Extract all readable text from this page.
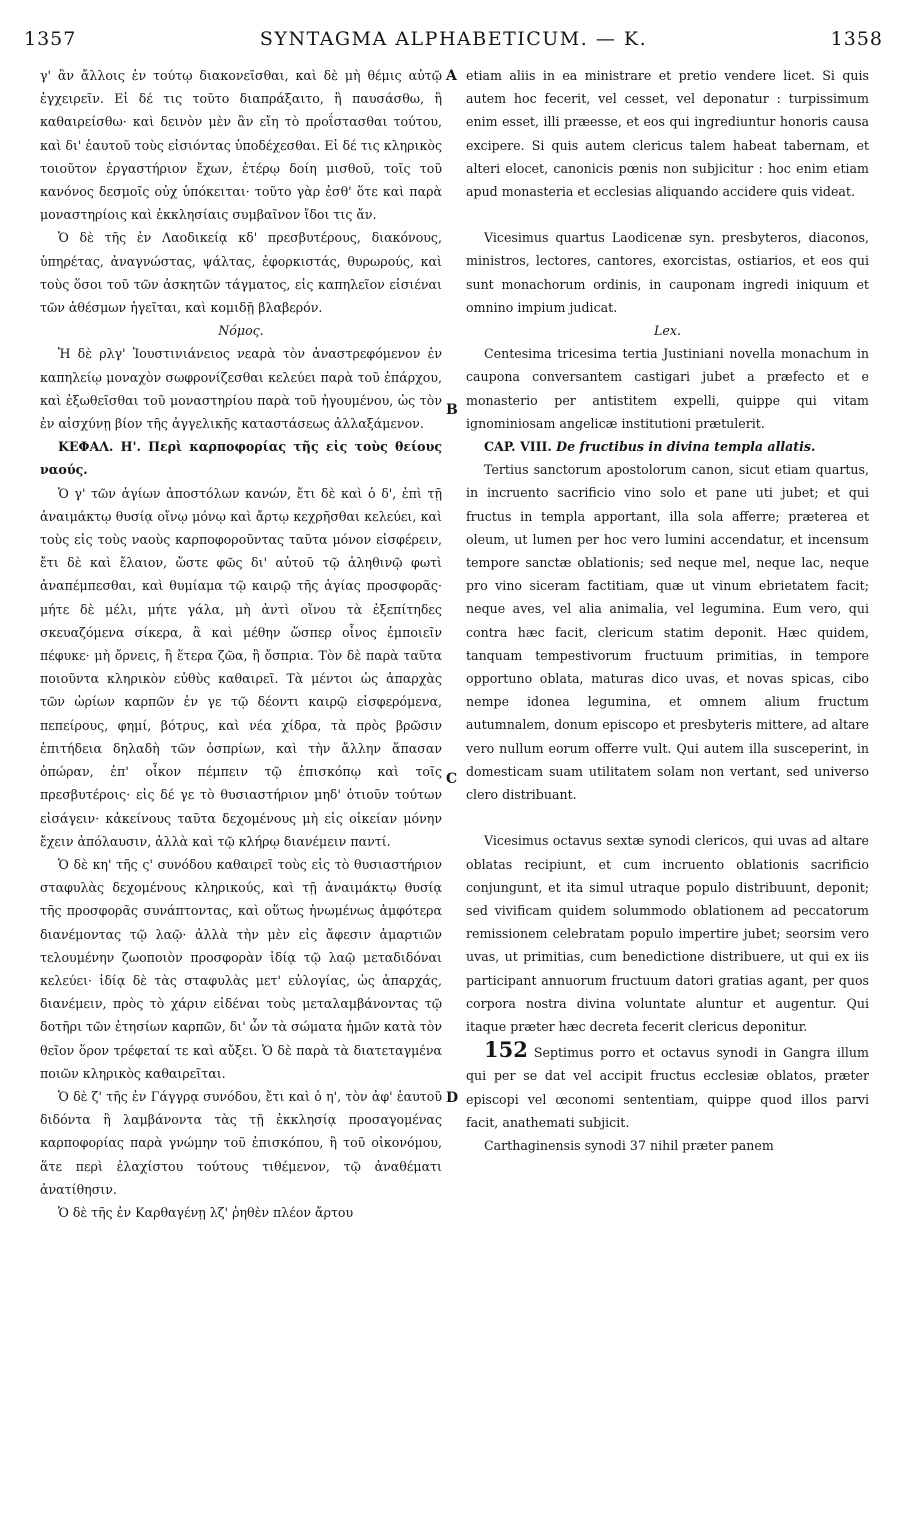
1357	SYNTAGMA ALPHABETICUM. — K.	1358
A
B
C
D

γ' ἂν ἄλλοις ἐν τούτῳ διακονεῖσθαι, καὶ δὲ μὴ θέμις αὐτῷ ἐγχειρεῖν. Εἰ δέ τις τοῦτο διαπράξαιτο, ἢ παυσάσθω, ἢ καθαιρείσθω· καὶ δεινὸν μὲν ἂν εἴη τὸ προΐστασθαι τούτου, καὶ δι' ἑαυτοῦ τοὺς εἰσιόντας ὑποδέχεσθαι. Εἰ δέ τις κληρικὸς τοιοῦτον ἐργαστήριον ἔχων, ἑτέρῳ δοίη μισθοῦ, τοῖς τοῦ κανόνος δεσμοῖς οὐχ ὑπόκειται· τοῦτο γὰρ ἐσθ' ὅτε καὶ παρὰ μοναστηρίοις καὶ ἐκκλησίαις συμβαῖνον ἴδοι τις ἄν.

Ὁ δὲ τῆς ἐν Λαοδικείᾳ κδ' πρεσβυτέρους, διακόνους, ὑπηρέτας, ἀναγνώστας, ψάλτας, ἐφορκιστάς, θυρωρούς, καὶ τοὺς ὅσοι τοῦ τῶν ἀσκητῶν τάγματος, εἰς καπηλεῖον εἰσιέναι τῶν ἀθέσμων ἡγεῖται, καὶ κομιδῇ βλαβερόν.

Νόμος.

Ἡ δὲ ρλγ' Ἰουστινιάνειος νεαρὰ τὸν ἀναστρεφόμενον ἐν καπηλείῳ μοναχὸν σωφρονίζεσθαι κελεύει παρὰ τοῦ ἐπάρχου, καὶ ἐξωθεῖσθαι τοῦ μοναστηρίου παρὰ τοῦ ἡγουμένου, ὡς τὸν ἐν αἰσχύνῃ βίον τῆς ἀγγελικῆς καταστάσεως ἀλλαξάμενον.

ΚΕΦΑΛ. Η'. Περὶ καρποφορίας τῆς εἰς τοὺς θείους ναούς.

Ὁ γ' τῶν ἁγίων ἀποστόλων κανών, ἔτι δὲ καὶ ὁ δ', ἐπὶ τῇ ἀναιμάκτῳ θυσίᾳ οἴνῳ μόνῳ καὶ ἄρτῳ κεχρῆσθαι κελεύει, καὶ τοὺς εἰς τοὺς ναοὺς καρποφοροῦντας ταῦτα μόνον εἰσφέρειν, ἔτι δὲ καὶ ἔλαιον, ὥστε φῶς δι' αὐτοῦ τῷ ἀληθινῷ φωτὶ ἀναπέμπεσθαι, καὶ θυμίαμα τῷ καιρῷ τῆς ἁγίας προσφορᾶς· μήτε δὲ μέλι, μήτε γάλα, μὴ ἀντὶ οἴνου τὰ ἐξεπίτηδες σκευαζόμενα σίκερα, ἃ καὶ μέθην ὥσπερ οἶνος ἐμποιεῖν πέφυκε· μὴ ὄρνεις, ἢ ἕτερα ζῶα, ἢ ὄσπρια. Τὸν δὲ παρὰ ταῦτα ποιοῦντα κληρικὸν εὐθὺς καθαιρεῖ. Τὰ μέντοι ὡς ἀπαρχὰς τῶν ὡρίων καρπῶν ἐν γε τῷ δέοντι καιρῷ εἰσφερόμενα, πεπείρους, φημί, βότρυς, καὶ νέα χίδρα, τὰ πρὸς βρῶσιν ἐπιτήδεια δηλαδὴ τῶν ὀσπρίων, καὶ τὴν ἄλλην ἅπασαν ὀπώραν, ἐπ' οἶκον πέμπειν τῷ ἐπισκόπῳ καὶ τοῖς πρεσβυτέροις· εἰς δέ γε τὸ θυσιαστήριον μηδ' ὁτιοῦν τούτων εἰσάγειν· κἀκείνους ταῦτα δεχομένους μὴ εἰς οἰκείαν μόνην ἔχειν ἀπόλαυσιν, ἀλλὰ καὶ τῷ κλήρῳ διανέμειν παντί.

Ὁ δὲ κη' τῆς ς' συνόδου καθαιρεῖ τοὺς εἰς τὸ θυσιαστήριον σταφυλὰς δεχομένους κληρικούς, καὶ τῇ ἀναιμάκτῳ θυσίᾳ τῆς προσφορᾶς συνάπτοντας, καὶ οὕτως ἡνωμένως ἀμφότερα διανέμοντας τῷ λαῷ· ἀλλὰ τὴν μὲν εἰς ἄφεσιν ἁμαρτιῶν τελουμένην ζωοποιὸν προσφορὰν ἰδίᾳ τῷ λαῷ μεταδιδόναι κελεύει· ἰδίᾳ δὲ τὰς σταφυλὰς μετ' εὐλογίας, ὡς ἀπαρχάς, διανέμειν, πρὸς τὸ χάριν εἰδέναι τοὺς μεταλαμβάνοντας τῷ δοτῆρι τῶν ἐτησίων καρπῶν, δι' ὧν τὰ σώματα ἡμῶν κατὰ τὸν θεῖον ὅρον τρέφεταί τε καὶ αὔξει. Ὁ δὲ παρὰ τὰ διατεταγμένα ποιῶν κληρικὸς καθαιρεῖται.

Ὁ δὲ ζ' τῆς ἐν Γάγγρᾳ συνόδου, ἔτι καὶ ὁ η', τὸν ἀφ' ἑαυτοῦ διδόντα ἢ λαμβάνοντα τὰς τῇ ἐκκλησίᾳ προσαγομένας καρποφορίας παρὰ γνώμην τοῦ ἐπισκόπου, ἢ τοῦ οἰκονόμου, ἅτε περὶ ἐλαχίστου τούτους τιθέμενον, τῷ ἀναθέματι ἀνατίθησιν.

Ὁ δὲ τῆς ἐν Καρθαγένῃ λζ' ῥηθὲν πλέον ἄρτου

etiam aliis in ea ministrare et pretio vendere licet. Si quis autem hoc fecerit, vel cesset, vel deponatur : turpissimum enim esset, illi præesse, et eos qui ingrediuntur honoris causa excipere. Si quis autem clericus talem habeat tabernam, et alteri elocet, canonicis pœnis non subjicitur : hoc enim etiam apud monasteria et ecclesias aliquando accidere quis videat.

Vicesimus quartus Laodicenæ syn. presbyteros, diaconos, ministros, lectores, cantores, exorcistas, ostiarios, et eos qui sunt monachorum ordinis, in cauponam ingredi iniquum et omnino impium judicat.

Lex.

Centesima tricesima tertia Justiniani novella monachum in caupona conversantem castigari jubet a præfecto et e monasterio per antistitem expelli, quippe qui vitam ignominiosam angelicæ institutioni prætulerit.

CAP. VIII. De fructibus in divina templa allatis.

Tertius sanctorum apostolorum canon, sicut etiam quartus, in incruento sacrificio vino solo et pane uti jubet; et qui fructus in templa apportant, illa sola afferre; præterea et oleum, ut lumen per hoc vero lumini accendatur, et incensum tempore sanctæ oblationis; sed neque mel, neque lac, neque pro vino siceram factitiam, quæ ut vinum ebrietatem facit; neque aves, vel alia animalia, vel legumina. Eum vero, qui contra hæc facit, clericum statim deponit. Hæc quidem, tanquam tempestivorum fructuum primitias, in tempore opportuno oblata, maturas dico uvas, et novas spicas, cibo nempe idonea legumina, et omnem alium fructum autumnalem, donum episcopo et presbyteris mittere, ad altare vero nullum eorum offerre vult. Qui autem illa susceperint, in domesticam suam utilitatem solam non vertant, sed universo clero distribuant.

Vicesimus octavus sextæ synodi clericos, qui uvas ad altare oblatas recipiunt, et cum incruento oblationis sacrificio conjungunt, et ita simul utraque populo distribuunt, deponit; sed vivificam quidem solummodo oblationem ad peccatorum remissionem celebratam populo impertire jubet; seorsim vero uvas, ut primitias, cum benedictione distribuere, ut qui ex iis participant annuorum fructuum datori gratias agant, per quos corpora nostra divina voluntate aluntur et augentur. Qui itaque præter hæc decreta fecerit clericus deponitur.

152 Septimus porro et octavus synodi in Gangra illum qui per se dat vel accipit fructus ecclesiæ oblatos, præter episcopi vel œconomi sententiam, quippe quod illos parvi facit, anathemati subjicit.

Carthaginensis synodi 37 nihil præter panem
